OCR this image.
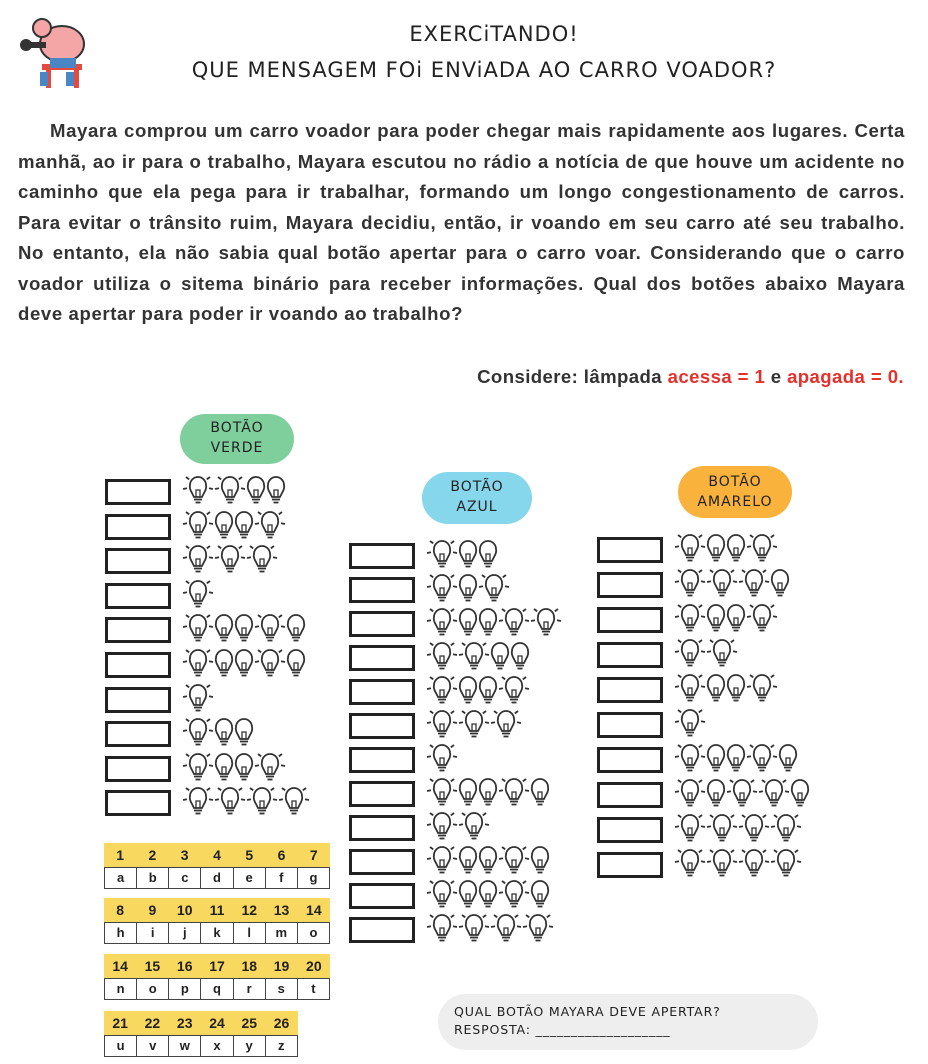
EXERCiTANDO!
QUE MENSAGEM FOi ENViADA AO CARRO VOADOR?
Mayara comprou um carro voador para poder chegar mais rapidamente aos lugares. Certa manhã, ao ir para o trabalho, Mayara escutou no rádio a notícia de que houve um acidente no caminho que ela pega para ir trabalhar, formando um longo congestionamento de carros. Para evitar o trânsito ruim, Mayara decidiu, então, ir voando em seu carro até seu trabalho. No entanto, ela não sabia qual botão apertar para o carro voar. Considerando que o carro voador utiliza o sitema binário para receber informações. Qual dos botões abaixo Mayara deve apertar para poder ir voando ao trabalho?
Considere: lâmpada acessa = 1 e apagada = 0.
BOTÃO
VERDE
BOTÃO
AZUL
BOTÃO
AMARELO
1	2	3	4	5	6	7
a	b	c	d	e	f	g
8	9	10	11	12	13	14
h	i	j	k	l	m	o
14	15	16	17	18	19	20
n	o	p	q	r	s	t
21	22	23	24	25	26
u	v	w	x	y	z
QUAL BOTÃO MAYARA DEVE APERTAR?
RESPOSTA: ___________________
